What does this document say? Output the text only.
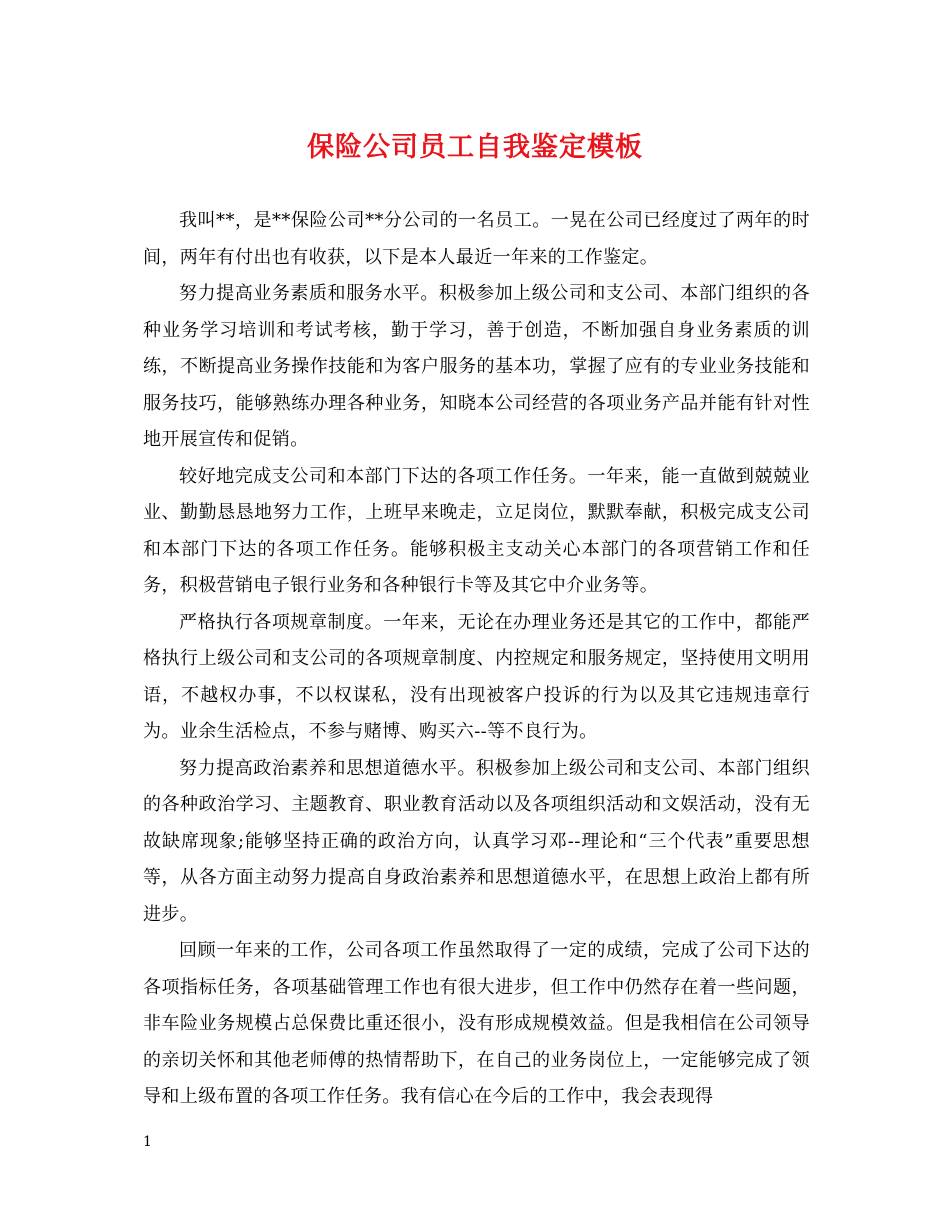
保险公司员工自我鉴定模板

我叫**，是**保险公司**分公司的一名员工。一晃在公司已经度过了两年的时间，两年有付出也有收获，以下是本人最近一年来的工作鉴定。

努力提高业务素质和服务水平。积极参加上级公司和支公司、本部门组织的各种业务学习培训和考试考核，勤于学习，善于创造，不断加强自身业务素质的训练，不断提高业务操作技能和为客户服务的基本功，掌握了应有的专业业务技能和服务技巧，能够熟练办理各种业务，知晓本公司经营的各项业务产品并能有针对性地开展宣传和促销。

较好地完成支公司和本部门下达的各项工作任务。一年来，能一直做到兢兢业业、勤勤恳恳地努力工作，上班早来晚走，立足岗位，默默奉献，积极完成支公司和本部门下达的各项工作任务。能够积极主支动关心本部门的各项营销工作和任务，积极营销电子银行业务和各种银行卡等及其它中介业务等。

严格执行各项规章制度。一年来，无论在办理业务还是其它的工作中，都能严格执行上级公司和支公司的各项规章制度、内控规定和服务规定，坚持使用文明用语，不越权办事，不以权谋私，没有出现被客户投诉的行为以及其它违规违章行为。业余生活检点，不参与赌博、购买六--等不良行为。

努力提高政治素养和思想道德水平。积极参加上级公司和支公司、本部门组织的各种政治学习、主题教育、职业教育活动以及各项组织活动和文娱活动，没有无故缺席现象;能够坚持正确的政治方向，认真学习邓--理论和“三个代表”重要思想等，从各方面主动努力提高自身政治素养和思想道德水平，在思想上政治上都有所进步。

回顾一年来的工作，公司各项工作虽然取得了一定的成绩，完成了公司下达的各项指标任务，各项基础管理工作也有很大进步，但工作中仍然存在着一些问题，非车险业务规模占总保费比重还很小，没有形成规模效益。但是我相信在公司领导的亲切关怀和其他老师傅的热情帮助下，在自己的业务岗位上，一定能够完成了领导和上级布置的各项工作任务。我有信心在今后的工作中，我会表现得

1
